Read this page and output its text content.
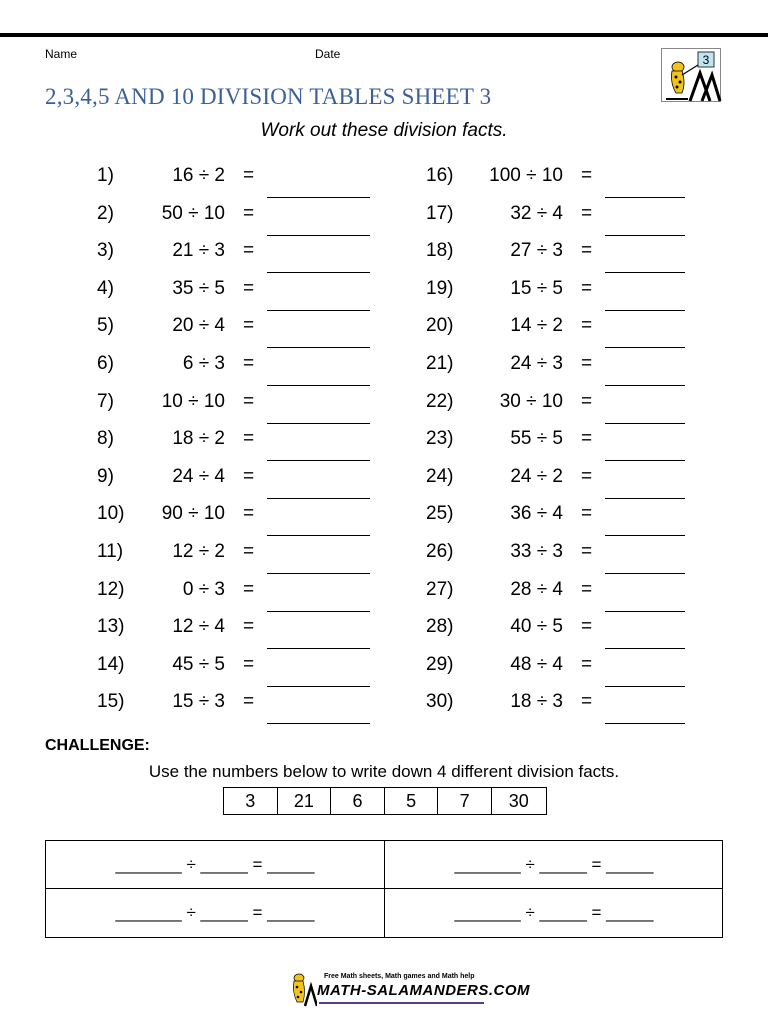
Name	Date	3
2,3,4,5 AND 10 DIVISION TABLES SHEET 3
Work out these division facts.
1)	16 ÷ 2 =
2)	50 ÷ 10 =
3)	21 ÷ 3 =
4)	35 ÷ 5 =
5)	20 ÷ 4 =
6)	6 ÷ 3 =
7)	10 ÷ 10 =
8)	18 ÷ 2 =
9)	24 ÷ 4 =
10) 90 ÷ 10 =
11)	12 ÷ 2 =
12)	0 ÷ 3 =
13)	12 ÷ 4 =
14)	45 ÷ 5 =
15)	15 ÷ 3 =
16) 100 ÷ 10 =
17)	32 ÷ 4 =
18)	27 ÷ 3 =
19)	15 ÷ 5 =
20)	14 ÷ 2 =
21)	24 ÷ 3 =
22) 30 ÷ 10 =
23)	55 ÷ 5 =
24)	24 ÷ 2 =
25)	36 ÷ 4 =
26)	33 ÷ 3 =
27)	28 ÷ 4 =
28)	40 ÷ 5 =
29)	48 ÷ 4 =
30)	18 ÷ 3 =
CHALLENGE:
Use the numbers below to write down 4 different division facts.
3	21	6	5	7	30
_______ ÷ _____ = _____	_______ ÷ _____ = _____
_______ ÷ _____ = _____	_______ ÷ _____ = _____
Free Math sheets, Math games and Math help
MATH-SALAMANDERS.COM
